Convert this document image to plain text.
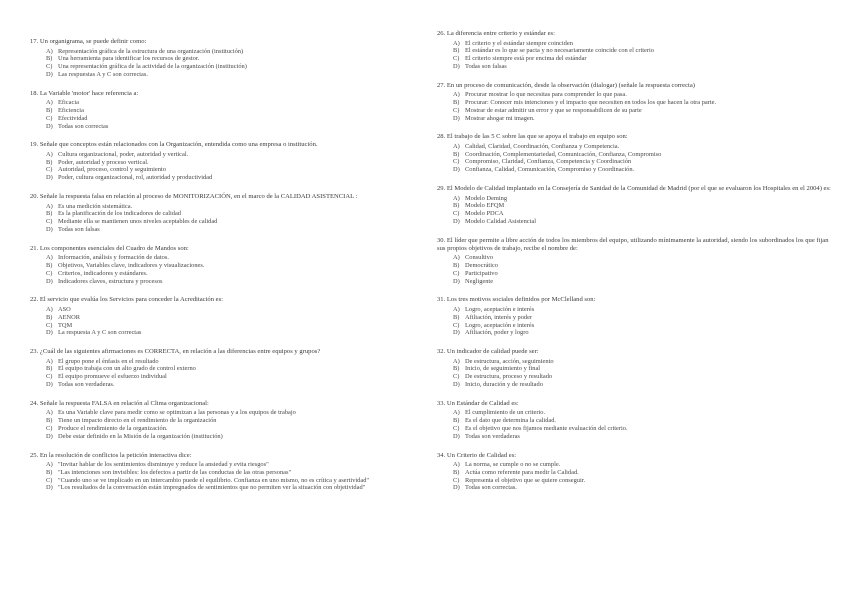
17. Un organigrama, se puede definir como:
A) Representación gráfica de la estructura de una organización (institución)
B) Una herramienta para identificar los recursos de gestor.
C) Una representación gráfica de la actividad de la organización (institución)
D) Las respuestas A y C son correctas.
18. La Variable 'motor' hace referencia a:
A) Eficacia
B) Eficiencia
C) Efectividad
D) Todas son correctas
19. Señale que conceptos están relacionados con la Organización, entendida como una empresa o institución.
A) Cultura organizacional, poder, autoridad y vertical.
B) Poder, autoridad y proceso vertical.
C) Autoridad, proceso, control y seguimiento
D) Poder, cultura organizacional, rol, autoridad y productividad
20. Señale la respuesta falsa en relación al proceso de MONITORIZACIÓN, en el marco de la CALIDAD ASISTENCIAL :
A) Es una medición sistemática.
B) Es la planificación de los indicadores de calidad
C) Mediante ella se mantienen unos niveles aceptables de calidad
D) Todas son falsas
21. Los componentes esenciales del Cuadro de Mandos son:
A) Información, análisis y formación de datos.
B) Objetivos, Variables clave, indicadores y visualizaciones.
C) Criterios, indicadores y estándares.
D) Indicadores claves, estructura y procesos
22. El servicio que evalúa los Servicios para conceder la Acreditación es:
A) ASO
B) AENOR
C) TQM
D) La respuesta A y C son correctas
23. ¿Cuál de las siguientes afirmaciones es CORRECTA, en relación a las diferencias entre equipos y grupos?
A) El grupo pone el énfasis en el resultado
B) El equipo trabaja con un alto grado de control externo
C) El equipo promueve el esfuerzo individual
D) Todas son verdaderas.
24. Señale la respuesta FALSA en relación al Clima organizacional:
A) Es una Variable clave para medir como se optimizan a las personas y a los equipos de trabajo
B) Tiene un impacto directo en el rendimiento de la organización
C) Produce el rendimiento de la organización.
D) Debe estar definido en la Misión de la organización (institución)
25. En la resolución de conflictos la petición interactiva dice:
A) "Invitar hablar de los sentimientos disminuye y reduce la ansiedad y evita riesgos"
B) "Las intenciones son invisibles: los defectos a partir de las conductas de las otras personas"
C) "Cuando uno se ve implicado en un intercambio puede el equilibrio. Confianza en uno mismo, no es crítica y asertividad"
D) "Los resultados de la conversación están impregnados de sentimientos que no permiten ver la situación con objetividad"
26. La diferencia entre criterio y estándar es:
A) El criterio y el estándar siempre coinciden
B) El estándar es lo que se pacta y no necesariamente coincide con el criterio
C) El criterio siempre está por encima del estándar
D) Todas son falsas
27. En un proceso de comunicación, desde la observación (dialogar) (señale la respuesta correcta)
A) Procurar mostrar lo que necesitas para comprender lo que pasa.
B) Procurar: Conocer mis intenciones y el impacto que necesiten en todos los que hacen la otra parte.
C) Mostrar de estar admitir un error y que se responsabilicen de su parte
D) Mostrar ahogar mi imagen.
28. El trabajo de las 5 C sobre las que se apoya el trabajo en equipo son:
A) Calidad, Claridad, Coordinación, Confianza y Competencia.
B) Coordinación, Complementariedad, Comunicación, Confianza, Compromiso
C) Compromiso, Claridad, Confianza, Competencia y Coordinación
D) Confianza, Calidad, Comunicación, Compromiso y Coordinación.
29. El Modelo de Calidad implantado en la Consejería de Sanidad de la Comunidad de Madrid (por el que se evaluaron los Hospitales en el 2004) es:
A) Modelo Deming
B) Modelo EFQM
C) Modelo PDCA
D) Modelo Calidad Asistencial
30. El líder que permite a libre acción de todos los miembros del equipo, utilizando mínimamente la autoridad, siendo los subordinados los que fijan sus propios objetivos de trabajo, recibe el nombre de:
A) Consultivo
B) Democrático
C) Participativo
D) Negligente
31. Los tres motivos sociales definidos por McClelland son:
A) Logro, aceptación e interés
B) Afiliación, interés y poder
C) Logro, aceptación e interés
D) Afiliación, poder y logro
32. Un indicador de calidad puede ser:
A) De estructura, acción, seguimiento
B) Inicio, de seguimiento y final
C) De estructura, proceso y resultado
D) Inicio, duración y de resultado
33. Un Estándar de Calidad es:
A) El cumplimiento de un criterio.
B) Es el dato que determina la calidad.
C) Es el objetivo que nos fijamos mediante evaluación del criterio.
D) Todas son verdaderas
34. Un Criterio de Calidad es:
A) La norma, se cumple o no se cumple.
B) Actúa como referente para medir la Calidad.
C) Representa el objetivo que se quiere conseguir.
D) Todas son correctas.
